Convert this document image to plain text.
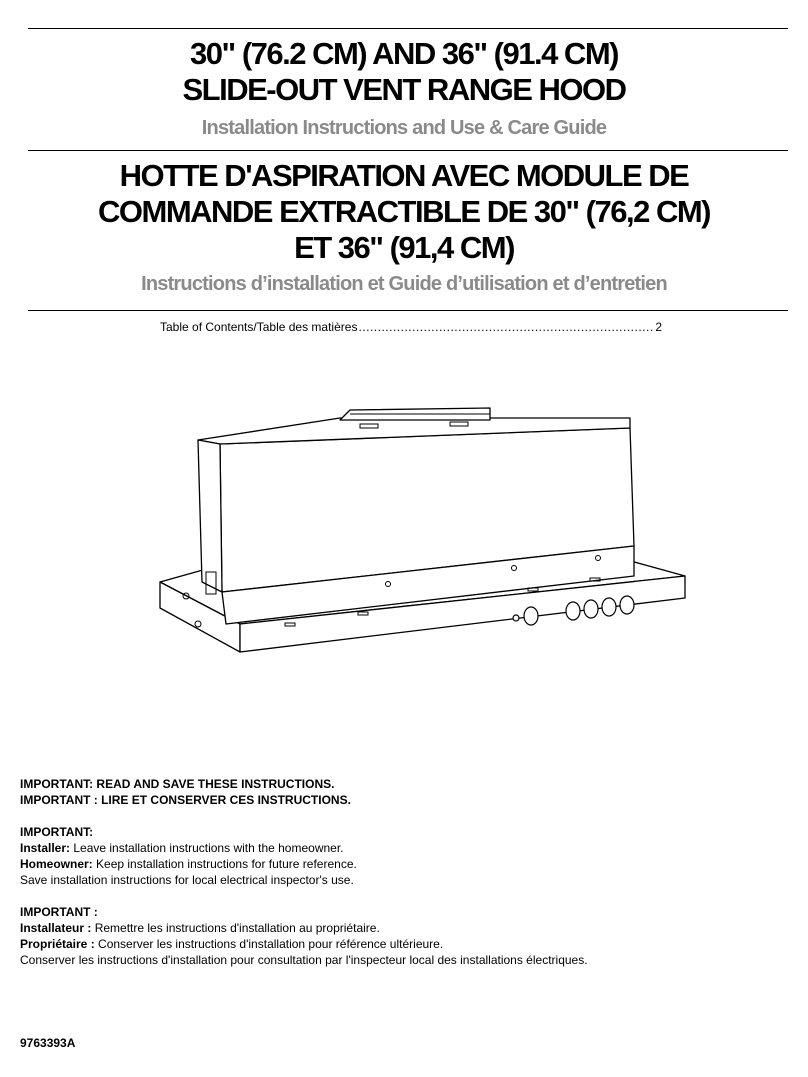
30" (76.2 CM) AND 36" (91.4 CM)
SLIDE-OUT VENT RANGE HOOD
Installation Instructions and Use & Care Guide
HOTTE D'ASPIRATION AVEC MODULE DE
COMMANDE EXTRACTIBLE DE 30" (76,2 CM)
ET 36" (91,4 CM)
Instructions d’installation et Guide d’utilisation et d’entretien
Table of Contents/Table des matières
.....	2

IMPORTANT: READ AND SAVE THESE INSTRUCTIONS.

IMPORTANT : LIRE ET CONSERVER CES INSTRUCTIONS.

IMPORTANT:

Installer: Leave installation instructions with the homeowner.

Homeowner: Keep installation instructions for future reference.

Save installation instructions for local electrical inspector's use.

IMPORTANT :

Installateur : Remettre les instructions d'installation au propriétaire.

Propriétaire : Conserver les instructions d'installation pour référence ultérieure.

Conserver les instructions d'installation pour consultation par l'inspecteur local des installations électriques.

9763393A
